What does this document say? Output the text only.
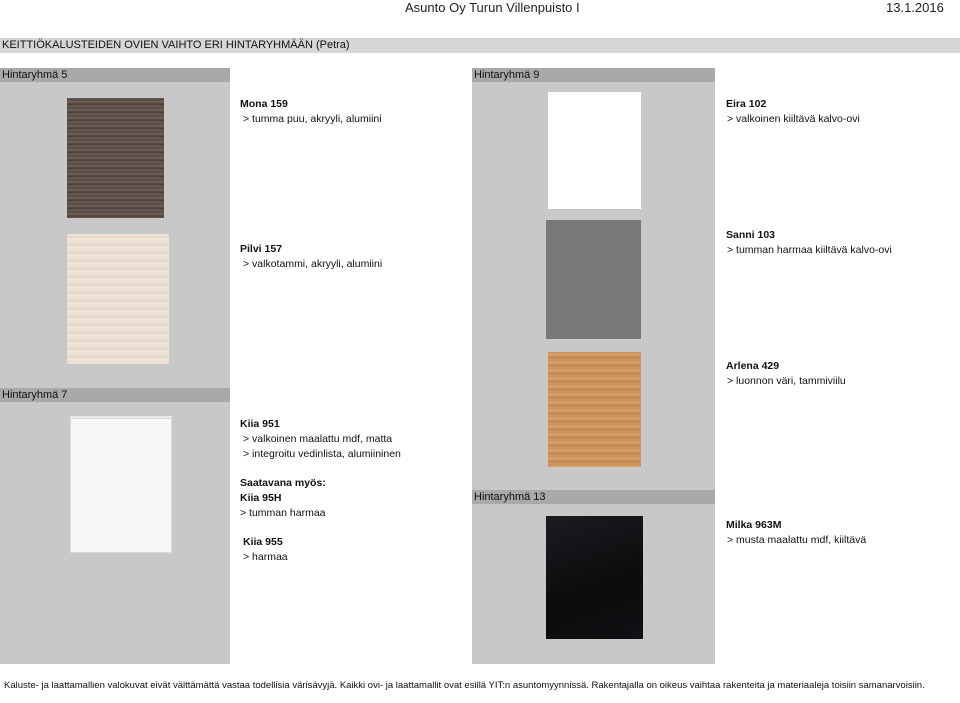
Asunto Oy Turun Villenpuisto I	13.1.2016
KEITTIÖKALUSTEIDEN OVIEN VAIHTO ERI HINTARYHMÄÄN (Petra)
Hintaryhmä 5	Hintaryhmä 9
Hintaryhmä 7
Hintaryhmä 13
Mona 159
> tumma puu, akryyli, alumiini
Pilvi 157
> valkotammi, akryyli, alumiini
Kiia 951
> valkoinen maalattu mdf, matta
> integroitu vedinlista, alumiininen
Saatavana myös:
Kiia 95H
> tumman harmaa
Kiia 955
> harmaa
Eira 102
> valkoinen kiiltävä kalvo-ovi
Sanni 103
> tumman harmaa kiiltävä kalvo-ovi
Arlena 429
> luonnon väri, tammiviilu
Milka 963M
> musta maalattu mdf, kiiltävä
Kaluste- ja laattamallien valokuvat eivät välttämättä vastaa todellisia värisävyjä. Kaikki ovi- ja laattamallit ovat esillä YIT:n asuntomyynnissä. Rakentajalla on oikeus vaihtaa rakenteita ja materiaaleja toisiin samanarvoisiin.
